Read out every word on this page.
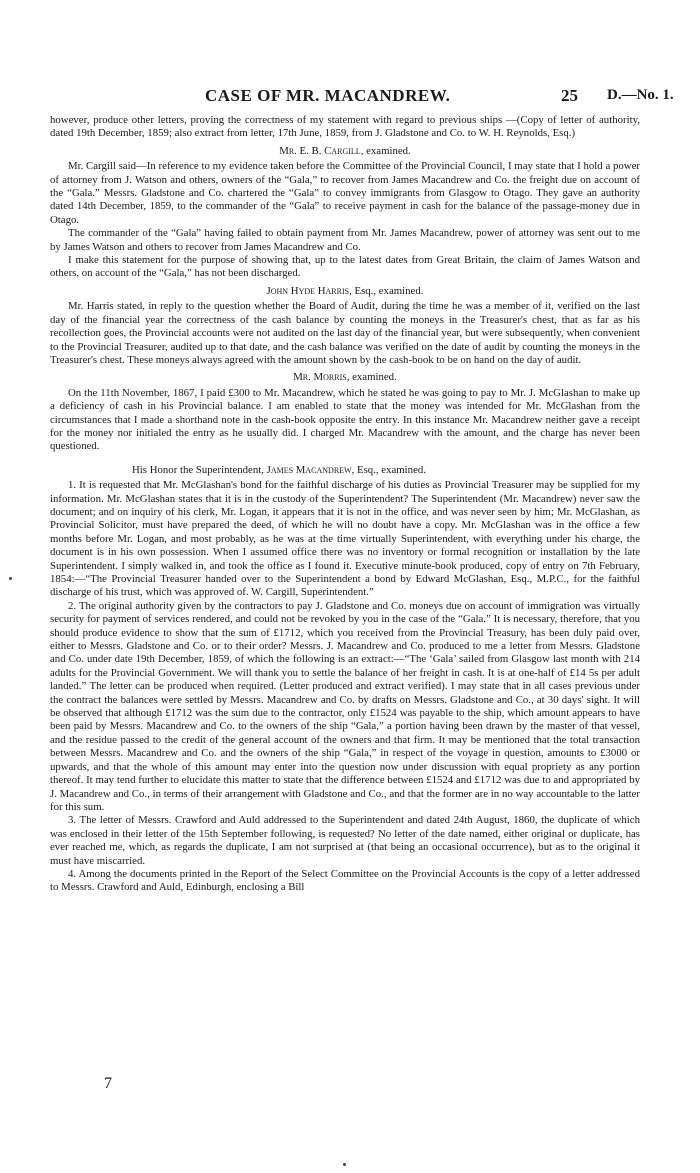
CASE OF MR. MACANDREW.	25 D.—No. 1.

however, produce other letters, proving the correctness of my statement with regard to previous ships —(Copy of letter of authority, dated 19th December, 1859; also extract from letter, 17th June, 1859, from J. Gladstone and Co. to W. H. Reynolds, Esq.)

Mr. E. B. Cargill, examined.

Mr. Cargill said—In reference to my evidence taken before the Committee of the Provincial Council, I may state that I hold a power of attorney from J. Watson and others, owners of the “Gala,” to recover from James Macandrew and Co. the freight due on account of the “Gala.” Messrs. Gladstone and Co. chartered the “Gala” to convey immigrants from Glasgow to Otago. They gave an authority dated 14th December, 1859, to the commander of the “Gala” to receive payment in cash for the balance of the passage-money due in Otago.

The commander of the “Gala” having failed to obtain payment from Mr. James Macandrew, power of attorney was sent out to me by James Watson and others to recover from James Macandrew and Co.

I make this statement for the purpose of showing that, up to the latest dates from Great Britain, the claim of James Watson and others, on account of the “Gala,” has not been discharged.

John Hyde Harris, Esq., examined.

Mr. Harris stated, in reply to the question whether the Board of Audit, during the time he was a member of it, verified on the last day of the financial year the correctness of the cash balance by counting the moneys in the Treasurer's chest, that as far as his recollection goes, the Provincial accounts were not audited on the last day of the financial year, but were subsequently, when convenient to the Provincial Treasurer, audited up to that date, and the cash balance was verified on the date of audit by counting the moneys in the Treasurer's chest. These moneys always agreed with the amount shown by the cash-book to be on hand on the day of audit.

Mr. Morris, examined.

On the 11th November, 1867, I paid £300 to Mr. Macandrew, which he stated he was going to pay to Mr. J. McGlashan to make up a deficiency of cash in his Provincial balance. I am enabled to state that the money was intended for Mr. McGlashan from the circumstances that I made a shorthand note in the cash-book opposite the entry. In this instance Mr. Macandrew neither gave a receipt for the money nor initialed the entry as he usually did. I charged Mr. Macandrew with the amount, and the charge has never been questioned.

His Honor the Superintendent, James Macandrew, Esq., examined.

1. It is requested that Mr. McGlashan's bond for the faithful discharge of his duties as Provincial Treasurer may be supplied for my information. Mr. McGlashan states that it is in the custody of the Superintendent? The Superintendent (Mr. Macandrew) never saw the document; and on inquiry of his clerk, Mr. Logan, it appears that it is not in the office, and was never seen by him; Mr. McGlashan, as Provincial Solicitor, must have prepared the deed, of which he will no doubt have a copy. Mr. McGlashan was in the office a few months before Mr. Logan, and most probably, as he was at the time virtually Superintendent, with everything under his charge, the document is in his own possession. When I assumed office there was no inventory or formal recognition or installation by the late Superintendent. I simply walked in, and took the office as I found it. Executive minute-book produced, copy of entry on 7th February, 1854:—“The Provincial Treasurer handed over to the Superintendent a bond by Edward McGlashan, Esq., M.P.C., for the faithful discharge of his trust, which was approved of. W. Cargill, Superintendent.”

2. The original authority given by the contractors to pay J. Gladstone and Co. moneys due on account of immigration was virtually security for payment of services rendered, and could not be revoked by you in the case of the “Gala.” It is necessary, therefore, that you should produce evidence to show that the sum of £1712, which you received from the Provincial Treasury, has been duly paid over, either to Messrs. Gladstone and Co. or to their order? Messrs. J. Macandrew and Co. produced to me a letter from Messrs. Gladstone and Co. under date 19th December, 1859, of which the following is an extract:—“The ‘Gala’ sailed from Glasgow last month with 214 adults for the Provincial Government. We will thank you to settle the balance of her freight in cash. It is at one-half of £14 5s per adult landed.” The letter can be produced when required. (Letter produced and extract verified). I may state that in all cases previous under the contract the balances were settled by Messrs. Macandrew and Co. by drafts on Messrs. Gladstone and Co., at 30 days' sight. It will be observed that although £1712 was the sum due to the contractor, only £1524 was payable to the ship, which amount appears to have been paid by Messrs. Macandrew and Co. to the owners of the ship “Gala,” a portion having been drawn by the master of that vessel, and the residue passed to the credit of the general account of the owners and that firm. It may be mentioned that the total transaction between Messrs. Macandrew and Co. and the owners of the ship “Gala,” in respect of the voyage in question, amounts to £3000 or upwards, and that the whole of this amount may enter into the question now under discussion with equal propriety as any portion thereof. It may tend further to elucidate this matter to state that the difference between £1524 and £1712 was due to and appropriated by J. Macandrew and Co., in terms of their arrangement with Gladstone and Co., and that the former are in no way accountable to the latter for this sum.

3. The letter of Messrs. Crawford and Auld addressed to the Superintendent and dated 24th August, 1860, the duplicate of which was enclosed in their letter of the 15th September following, is requested? No letter of the date named, either original or duplicate, has ever reached me, which, as regards the duplicate, I am not surprised at (that being an occasional occurrence), but as to the original it must have miscarried.

4. Among the documents printed in the Report of the Select Committee on the Provincial Accounts is the copy of a letter addressed to Messrs. Crawford and Auld, Edinburgh, enclosing a Bill

7
